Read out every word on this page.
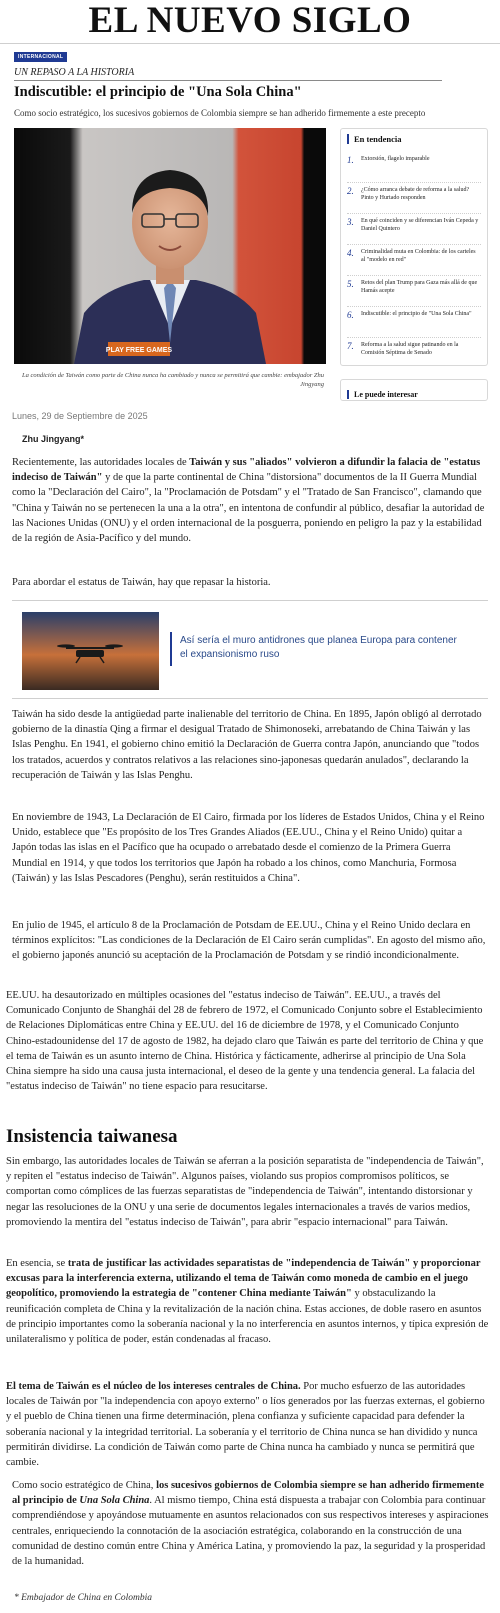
EL NUEVO SIGLO
INTERNACIONAL
UN REPASO A LA HISTORIA
Indiscutible: el principio de "Una Sola China"

Como socio estratégico, los sucesivos gobiernos de Colombia siempre se han adherido firmemente a este precepto

PLAY FREE GAMES

La condición de Taiwán como parte de China nunca ha cambiado y nunca se permitirá que cambie: embajador Zhu Jingyang

En tendencia
1.	Extorsión, flagelo imparable
2.	¿Cómo arranca debate de reforma a la salud? Pinto y Hurtado responden
3.	En qué coinciden y se diferencian Iván Cepeda y Daniel Quintero
4.	Criminalidad muta en Colombia: de los carteles al "modelo en red"
5.	Retos del plan Trump para Gaza más allá de que Hamás acepte
6.	Indiscutible: el principio de "Una Sola China"
7.	Reforma a la salud sigue patinando en la Comisión Séptima de Senado
Le puede interesar
Lunes, 29 de Septiembre de 2025
Zhu Jingyang*

Recientemente, las autoridades locales de Taiwán y sus "aliados" volvieron a difundir la falacia de "estatus indeciso de Taiwán" y de que la parte continental de China "distorsiona" documentos de la II Guerra Mundial como la "Declaración del Cairo", la "Proclamación de Potsdam" y el "Tratado de San Francisco", clamando que "China y Taiwán no se pertenecen la una a la otra", en intentona de confundir al público, desafiar la autoridad de las Naciones Unidas (ONU) y el orden internacional de la posguerra, poniendo en peligro la paz y la estabilidad de la región de Asia-Pacífico y del mundo.

Para abordar el estatus de Taiwán, hay que repasar la historia.

Así sería el muro antidrones que planea Europa para contener el expansionismo ruso

Taiwán ha sido desde la antigüedad parte inalienable del territorio de China. En 1895, Japón obligó al derrotado gobierno de la dinastía Qing a firmar el desigual Tratado de Shimonoseki, arrebatando de China Taiwán y las Islas Penghu. En 1941, el gobierno chino emitió la Declaración de Guerra contra Japón, anunciando que "todos los tratados, acuerdos y contratos relativos a las relaciones sino-japonesas quedarán anulados", declarando la recuperación de Taiwán y las Islas Penghu.

En noviembre de 1943, La Declaración de El Cairo, firmada por los líderes de Estados Unidos, China y el Reino Unido, establece que "Es propósito de los Tres Grandes Aliados (EE.UU., China y el Reino Unido) quitar a Japón todas las islas en el Pacífico que ha ocupado o arrebatado desde el comienzo de la Primera Guerra Mundial en 1914, y que todos los territorios que Japón ha robado a los chinos, como Manchuria, Formosa (Taiwán) y las Islas Pescadores (Penghu), serán restituidos a China".

En julio de 1945, el artículo 8 de la Proclamación de Potsdam de EE.UU., China y el Reino Unido declara en términos explícitos: "Las condiciones de la Declaración de El Cairo serán cumplidas". En agosto del mismo año, el gobierno japonés anunció su aceptación de la Proclamación de Potsdam y se rindió incondicionalmente.

EE.UU. ha desautorizado en múltiples ocasiones del "estatus indeciso de Taiwán". EE.UU., a través del Comunicado Conjunto de Shanghái del 28 de febrero de 1972, el Comunicado Conjunto sobre el Establecimiento de Relaciones Diplomáticas entre China y EE.UU. del 16 de diciembre de 1978, y el Comunicado Conjunto Chino-estadounidense del 17 de agosto de 1982, ha dejado claro que Taiwán es parte del territorio de China y que el tema de Taiwán es un asunto interno de China. Histórica y fácticamente, adherirse al principio de Una Sola China siempre ha sido una causa justa internacional, el deseo de la gente y una tendencia general. La falacia del "estatus indeciso de Taiwán" no tiene espacio para resucitarse.

Insistencia taiwanesa

Sin embargo, las autoridades locales de Taiwán se aferran a la posición separatista de "independencia de Taiwán", y repiten el "estatus indeciso de Taiwán". Algunos países, violando sus propios compromisos políticos, se comportan como cómplices de las fuerzas separatistas de "independencia de Taiwán", intentando distorsionar y negar las resoluciones de la ONU y una serie de documentos legales internacionales a través de varios medios, promoviendo la mentira del "estatus indeciso de Taiwán", para abrir "espacio internacional" para Taiwán.

En esencia, se trata de justificar las actividades separatistas de "independencia de Taiwán" y proporcionar excusas para la interferencia externa, utilizando el tema de Taiwán como moneda de cambio en el juego geopolítico, promoviendo la estrategia de "contener China mediante Taiwán" y obstaculizando la reunificación completa de China y la revitalización de la nación china. Estas acciones, de doble rasero en asuntos de principio importantes como la soberanía nacional y la no interferencia en asuntos internos, y típica expresión de unilateralismo y política de poder, están condenadas al fracaso.

El tema de Taiwán es el núcleo de los intereses centrales de China. Por mucho esfuerzo de las autoridades locales de Taiwán por "la independencia con apoyo externo" o líos generados por las fuerzas externas, el gobierno y el pueblo de China tienen una firme determinación, plena confianza y suficiente capacidad para defender la soberanía nacional y la integridad territorial. La soberanía y el territorio de China nunca se han dividido y nunca permitirán dividirse. La condición de Taiwán como parte de China nunca ha cambiado y nunca se permitirá que cambie.

Como socio estratégico de China, los sucesivos gobiernos de Colombia siempre se han adherido firmemente al principio de Una Sola China. Al mismo tiempo, China está dispuesta a trabajar con Colombia para continuar comprendiéndose y apoyándose mutuamente en asuntos relacionados con sus respectivos intereses y aspiraciones centrales, enriqueciendo la connotación de la asociación estratégica, colaborando en la construcción de una comunidad de destino común entre China y América Latina, y promoviendo la paz, la seguridad y la prosperidad de la humanidad.

* Embajador de China en Colombia
